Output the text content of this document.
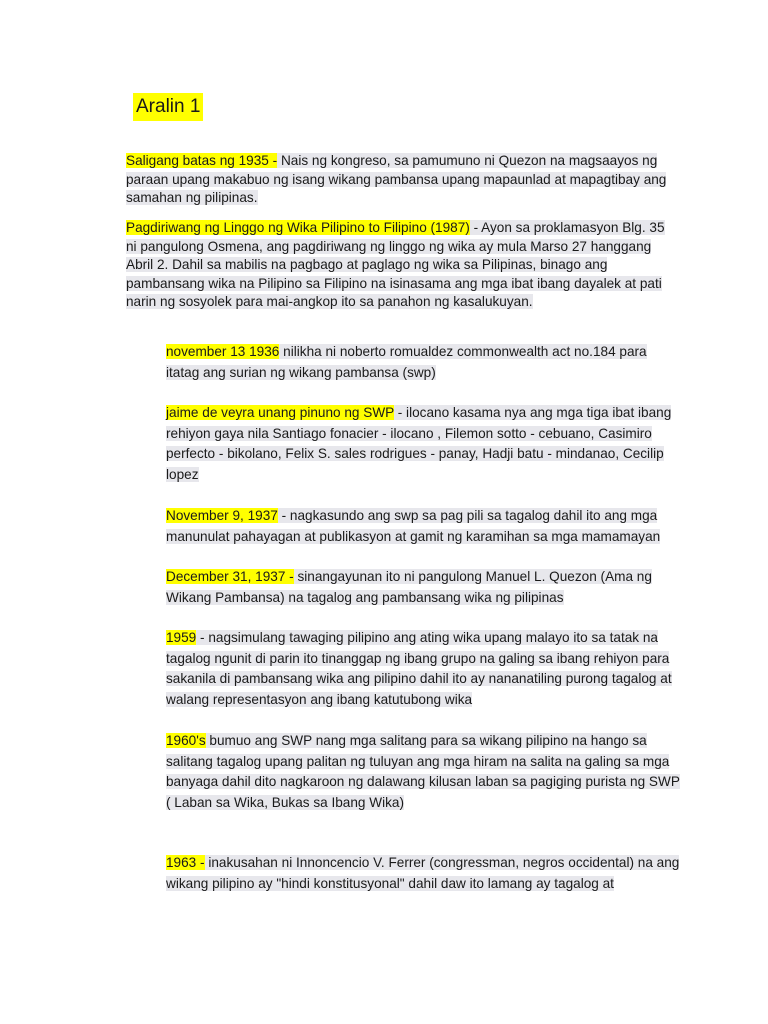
Aralin 1

Saligang batas ng 1935 - Nais ng kongreso, sa pamumuno ni Quezon na magsaayos ng paraan upang makabuo ng isang wikang pambansa upang mapaunlad at mapagtibay ang samahan ng pilipinas.

Pagdiriwang ng Linggo ng Wika Pilipino to Filipino (1987) - Ayon sa proklamasyon Blg. 35 ni pangulong Osmena, ang pagdiriwang ng linggo ng wika ay mula Marso 27 hanggang Abril 2. Dahil sa mabilis na pagbago at paglago ng wika sa Pilipinas, binago ang pambansang wika na Pilipino sa Filipino na isinasama ang mga ibat ibang dayalek at pati narin ng sosyolek para mai-angkop ito sa panahon ng kasalukuyan.

november 13 1936 nilikha ni noberto romualdez commonwealth act no.184 para itatag ang surian ng wikang pambansa (swp)

jaime de veyra unang pinuno ng SWP - ilocano kasama nya ang mga tiga ibat ibang rehiyon gaya nila Santiago fonacier - ilocano , Filemon sotto - cebuano, Casimiro perfecto - bikolano, Felix S. sales rodrigues - panay, Hadji batu - mindanao, Cecilip lopez

November 9, 1937 - nagkasundo ang swp sa pag pili sa tagalog dahil ito ang mga manunulat pahayagan at publikasyon at gamit ng karamihan sa mga mamamayan

December 31, 1937 - sinangayunan ito ni pangulong Manuel L. Quezon (Ama ng Wikang Pambansa) na tagalog ang pambansang wika ng pilipinas

1959 - nagsimulang tawaging pilipino ang ating wika upang malayo ito sa tatak na tagalog ngunit di parin ito tinanggap ng ibang grupo na galing sa ibang rehiyon para sakanila di pambansang wika ang pilipino dahil ito ay nananatiling purong tagalog at walang representasyon ang ibang katutubong wika

1960's bumuo ang SWP nang mga salitang para sa wikang pilipino na hango sa salitang tagalog upang palitan ng tuluyan ang mga hiram na salita na galing sa mga banyaga dahil dito nagkaroon ng dalawang kilusan laban sa pagiging purista ng SWP ( Laban sa Wika, Bukas sa Ibang Wika)

1963 - inakusahan ni Innoncencio V. Ferrer (congressman, negros occidental) na ang wikang pilipino ay "hindi konstitusyonal" dahil daw ito lamang ay tagalog at
